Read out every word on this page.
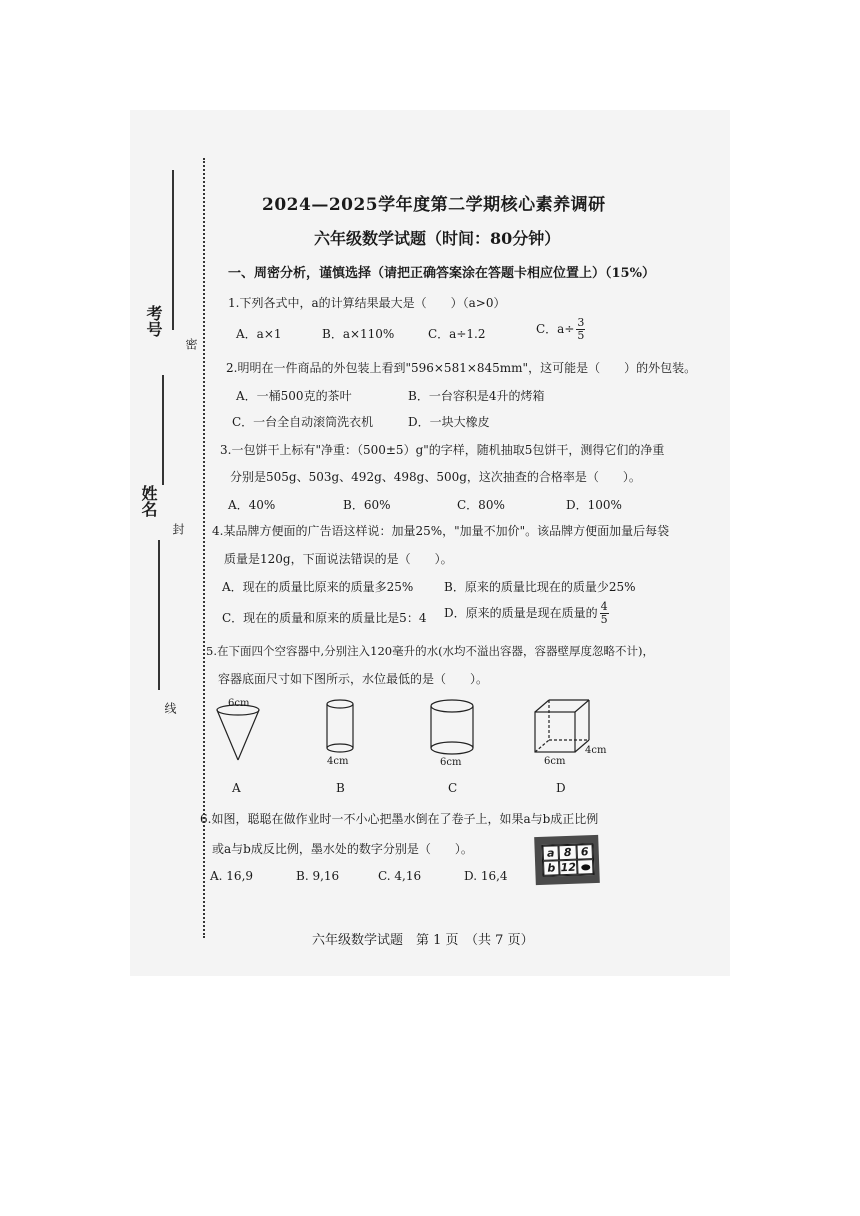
考号
姓名
密
封
线
2024—2025学年度第二学期核心素养调研
六年级数学试题（时间：80分钟）
一、周密分析，谨慎选择（请把正确答案涂在答题卡相应位置上）（15%）
1.下列各式中，a的计算结果最大是（　　）（a>0）
A．a×1	B．a×110%	C．a÷1.2	C．$a\div \frac{3}{5}$
2.明明在一件商品的外包装上看到"596×581×845mm"，这可能是（　　）的外包装。
A．一桶500克的茶叶	B．一台容积是4升的烤箱
C．一台全自动滚筒洗衣机	D．一块大橡皮
3.一包饼干上标有"净重：（500±5）g"的字样，随机抽取5包饼干，测得它们的净重
分别是505g、503g、492g、498g、500g，这次抽查的合格率是（　　）。
A．40%	B．60%	C．80%	D．100%
4.某品牌方便面的广告语这样说：加量25%，"加量不加价"。该品牌方便面加量后每袋
质量是120g，下面说法错误的是（　　）。
A．现在的质量比原来的质量多25%	B．原来的质量比现在的质量少25%
C．现在的质量和原来的质量比是5：4 D．原来的质量是现在质量的 $\frac{4}{5}$
5.在下面四个空容器中,分别注入120毫升的水(水均不溢出容器，容器壁厚度忽略不计)，
容器底面尺寸如下图所示，水位最低的是（　　）。
6cm
4cm	6cm	6cm
4cm
A	B	C	D
6.如图，聪聪在做作业时一不小心把墨水倒在了卷子上，如果a与b成正比例
或a与b成反比例，墨水处的数字分别是（　　）。
A. 16,9	B. 9,16	C. 4,16	D. 16,4
a 8 6
b 12
六年级数学试题　第 1 页　（共 7 页）
